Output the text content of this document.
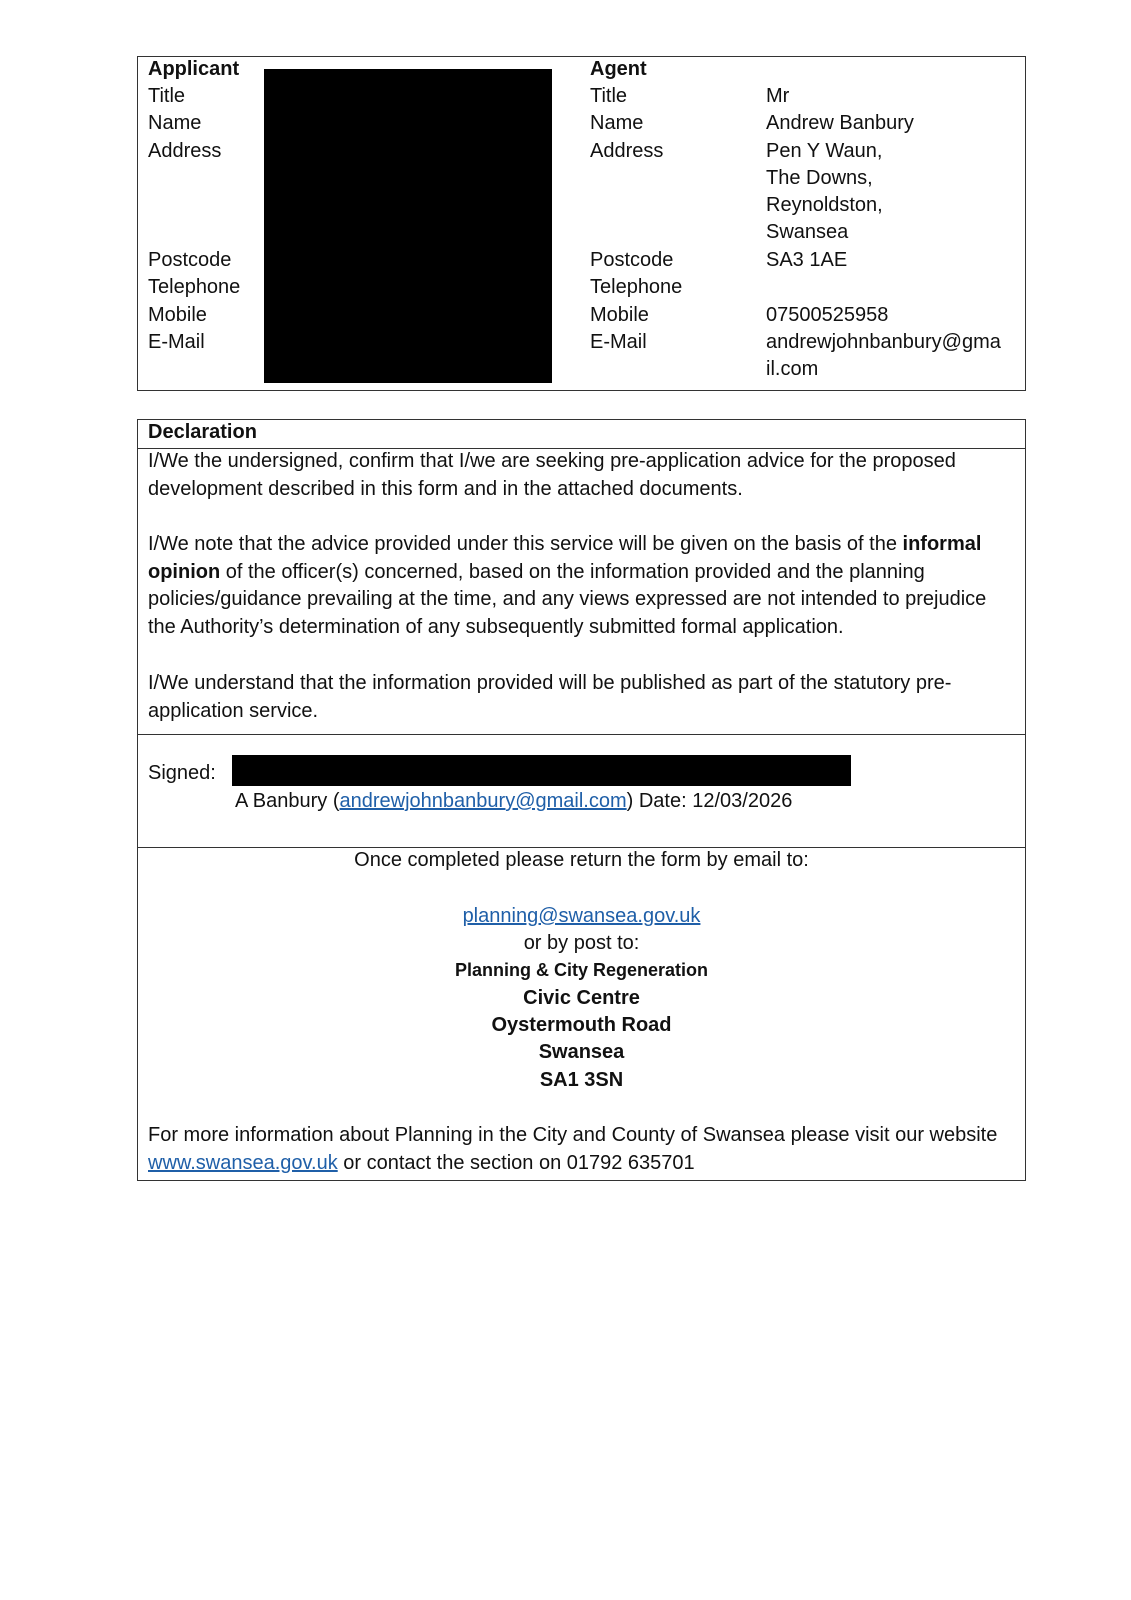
Applicant
Title
Name
Address
Postcode
Telephone
Mobile
E-Mail
Agent
Title
Name
Address
Postcode
Telephone
Mobile
E-Mail
Mr
Andrew Banbury
Pen Y Waun,
The Downs,
Reynoldston,
Swansea
SA3 1AE
07500525958
andrewjohnbanbury@gma
il.com
Declaration
I/We the undersigned, confirm that I/we are seeking pre-application advice for the proposed development described in this form and in the attached documents.
I/We note that the advice provided under this service will be given on the basis of the informal opinion of the officer(s) concerned, based on the information provided and the planning policies/guidance prevailing at the time, and any views expressed are not intended to prejudice the Authority’s determination of any subsequently submitted formal application.
I/We understand that the information provided will be published as part of the statutory pre-application service.
Signed:
A Banbury (andrewjohnbanbury@gmail.com) Date: 12/03/2026
Once completed please return the form by email to:
planning@swansea.gov.uk
or by post to:
Planning & City Regeneration
Civic Centre
Oystermouth Road
Swansea
SA1 3SN
For more information about Planning in the City and County of Swansea please visit our website www.swansea.gov.uk or contact the section on 01792 635701
